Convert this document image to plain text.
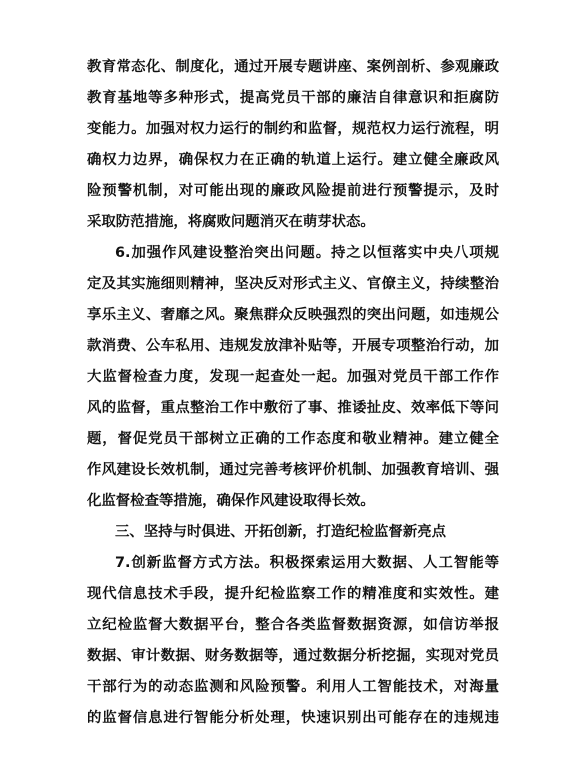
教育常态化、制度化，通过开展专题讲座、案例剖析、参观廉政
教育基地等多种形式，提高党员干部的廉洁自律意识和拒腐防
变能力。加强对权力运行的制约和监督，规范权力运行流程，明
确权力边界，确保权力在正确的轨道上运行。建立健全廉政风
险预警机制，对可能出现的廉政风险提前进行预警提示，及时
采取防范措施，将腐败问题消灭在萌芽状态。
6.加强作风建设整治突出问题。持之以恒落实中央八项规
定及其实施细则精神，坚决反对形式主义、官僚主义，持续整治
享乐主义、奢靡之风。聚焦群众反映强烈的突出问题，如违规公
款消费、公车私用、违规发放津补贴等，开展专项整治行动，加
大监督检查力度，发现一起查处一起。加强对党员干部工作作
风的监督，重点整治工作中敷衍了事、推诿扯皮、效率低下等问
题，督促党员干部树立正确的工作态度和敬业精神。建立健全
作风建设长效机制，通过完善考核评价机制、加强教育培训、强
化监督检查等措施，确保作风建设取得长效。
三、坚持与时俱进、开拓创新，打造纪检监督新亮点
7.创新监督方式方法。积极探索运用大数据、人工智能等
现代信息技术手段，提升纪检监察工作的精准度和实效性。建
立纪检监督大数据平台，整合各类监督数据资源，如信访举报
数据、审计数据、财务数据等，通过数据分析挖掘，实现对党员
干部行为的动态监测和风险预警。利用人工智能技术，对海量
的监督信息进行智能分析处理，快速识别出可能存在的违规违
